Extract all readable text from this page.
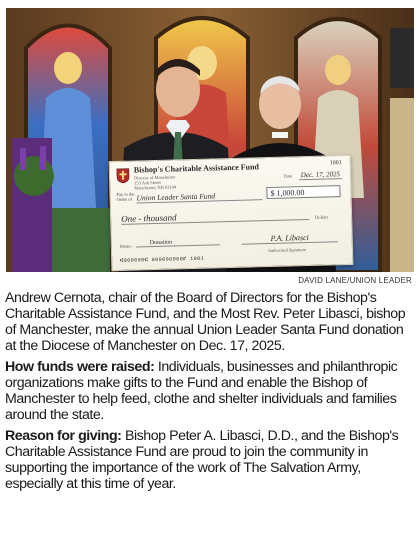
Bishop's Charitable Assistance Fund
Diocese of Manchester
153 Ash Street
Manchester, NH 03104
1001
Date Dec. 17, 2025
Pay to the Order of Union Leader Santa Fund	$ 1,000.00
One - thousand	Dollars
Memo
Donation	P.A. Libasci
Authorized Signature
⑆000000⑆ 000000000⑈ 1001
DAVID LANE/UNION LEADER

Andrew Cernota, chair of the Board of Directors for the Bishop's Charitable Assistance Fund, and the Most Rev. Peter Libasci, bishop of Manchester, make the annual Union Leader Santa Fund donation at the Diocese of Manchester on Dec. 17, 2025.

How funds were raised: Individuals, businesses and philanthropic organizations make gifts to the Fund and enable the Bishop of Manchester to help feed, clothe and shelter individuals and families around the state.

Reason for giving: Bishop Peter A. Libasci, D.D., and the Bishop's Charitable Assistance Fund are proud to join the community in supporting the importance of the work of The Salvation Army, especially at this time of year.
